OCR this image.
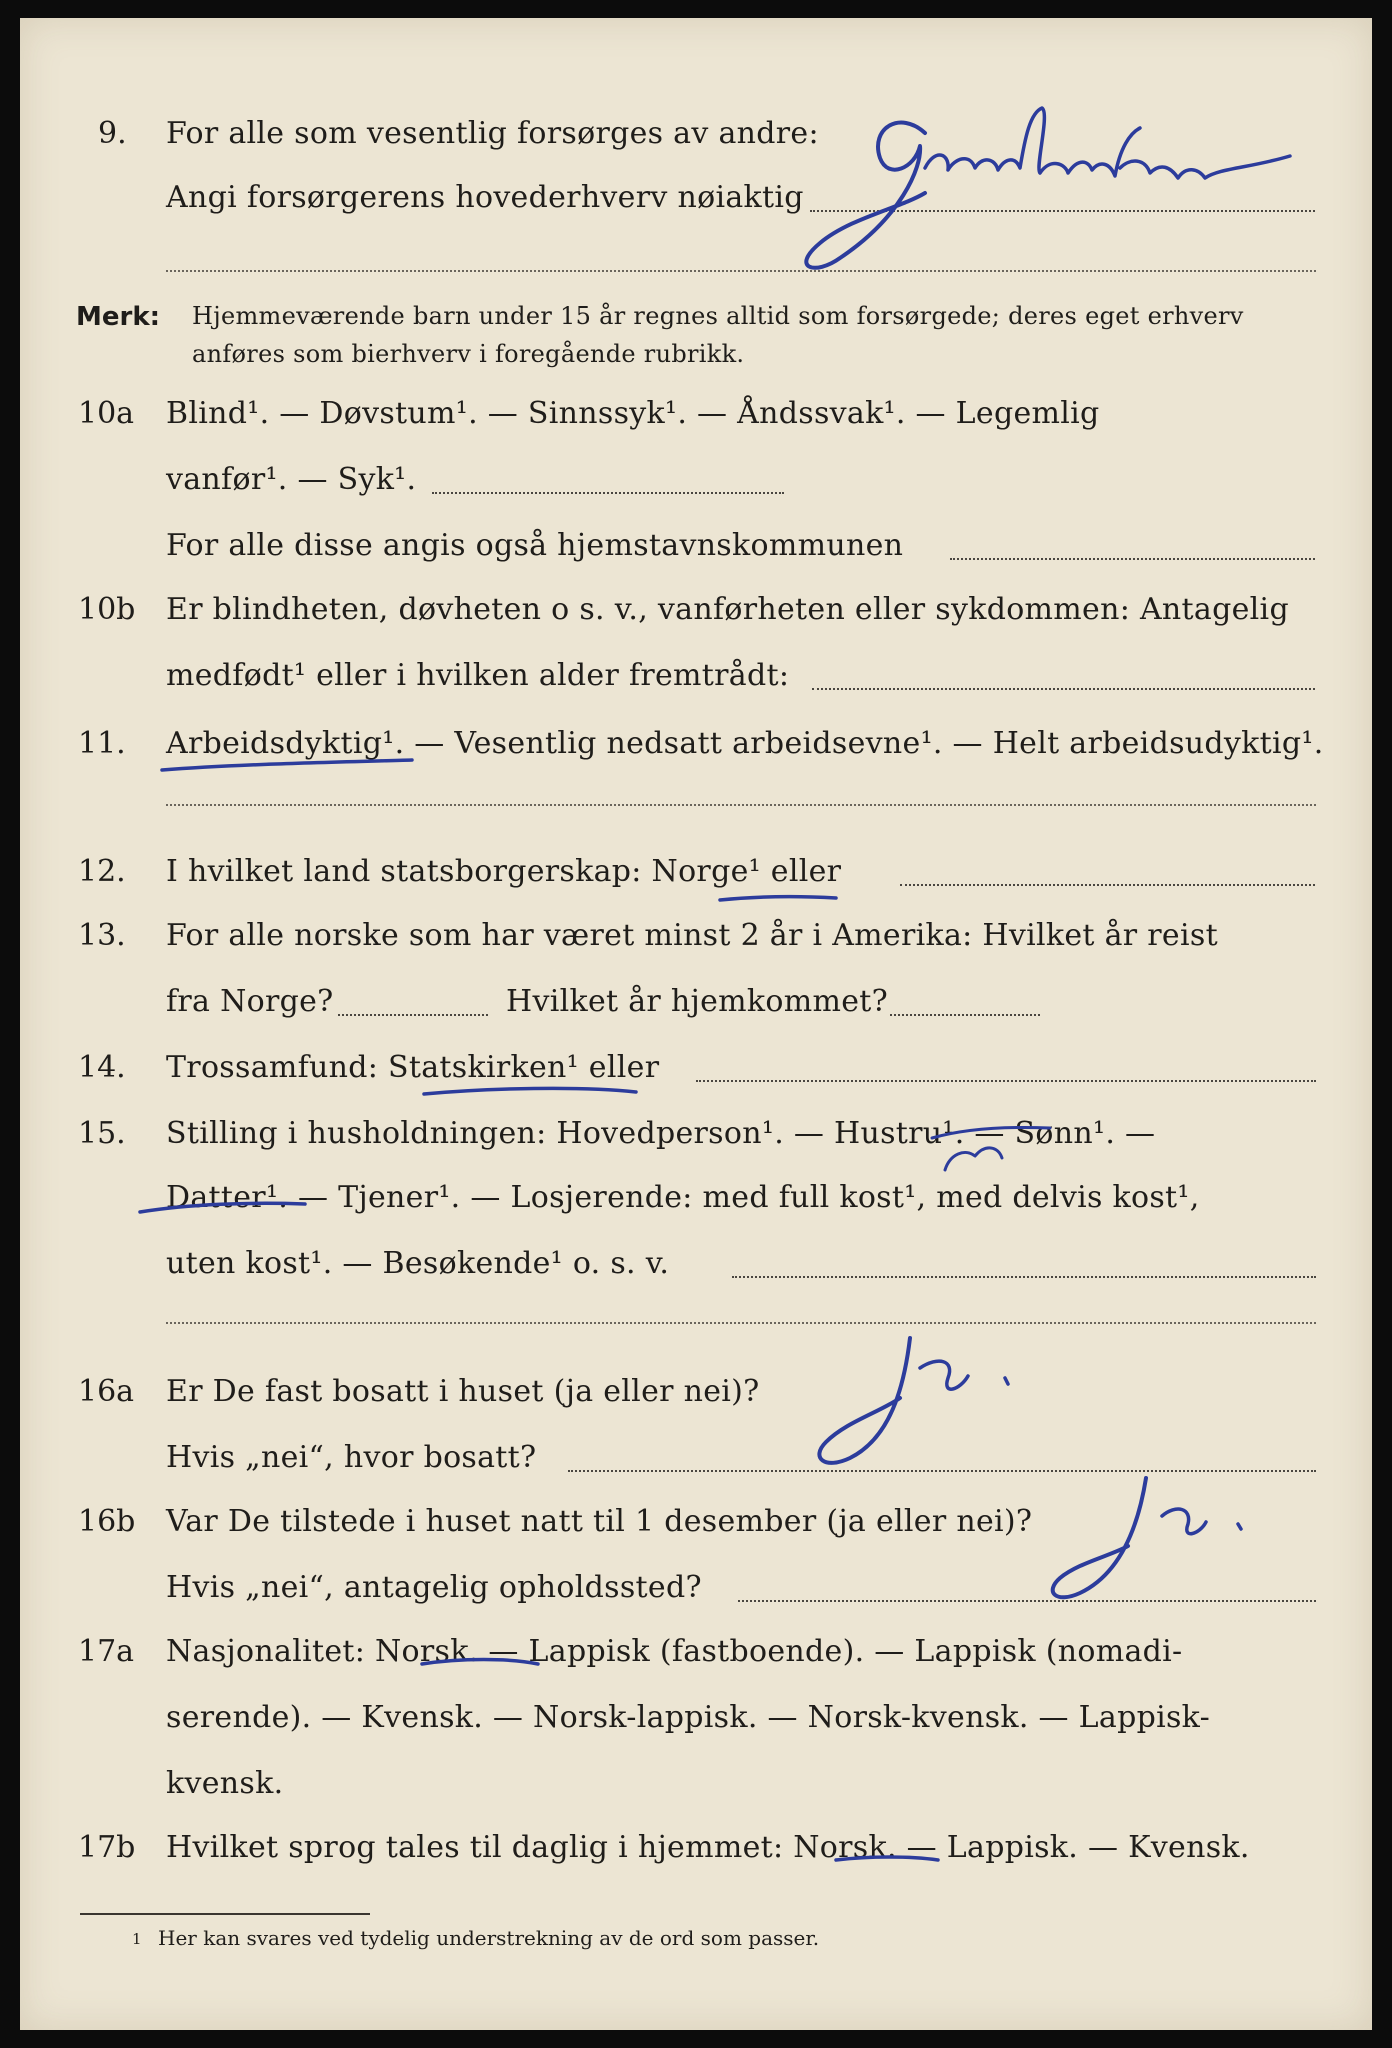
9. For alle som vesentlig forsørges av andre:
Angi forsørgerens hovederhverv nøiaktig
Merk: Hjemmeværende barn under 15 år regnes alltid som forsørgede; deres eget erhverv
anføres som bierhverv i foregående rubrikk.
10a Blind¹. — Døvstum¹. — Sinnssyk¹. — Åndssvak¹. — Legemlig
vanfør¹. — Syk¹.
For alle disse angis også hjemstavnskommunen
10b Er blindheten, døvheten o s. v., vanførheten eller sykdommen: Antagelig
medfødt¹ eller i hvilken alder fremtrådt:
11. Arbeidsdyktig¹. — Vesentlig nedsatt arbeidsevne¹. — Helt arbeidsudyktig¹.
12. I hvilket land statsborgerskap: Norge¹ eller
13. For alle norske som har været minst 2 år i Amerika: Hvilket år reist
fra Norge?	Hvilket år hjemkommet?
14. Trossamfund: Statskirken¹ eller
15. Stilling i husholdningen: Hovedperson¹. — Hustru¹. — Sønn¹. —
Datter¹. — Tjener¹. — Losjerende: med full kost¹, med delvis kost¹,
uten kost¹. — Besøkende¹ o. s. v.
16a Er De fast bosatt i huset (ja eller nei)?
Hvis „nei“, hvor bosatt?
16b Var De tilstede i huset natt til 1 desember (ja eller nei)?
Hvis „nei“, antagelig opholdssted?
17a Nasjonalitet: Norsk. — Lappisk (fastboende). — Lappisk (nomadi-
serende). — Kvensk. — Norsk-lappisk. — Norsk-kvensk. — Lappisk-
kvensk.
17b Hvilket sprog tales til daglig i hjemmet: Norsk. — Lappisk. — Kvensk.
1 Her kan svares ved tydelig understrekning av de ord som passer.
